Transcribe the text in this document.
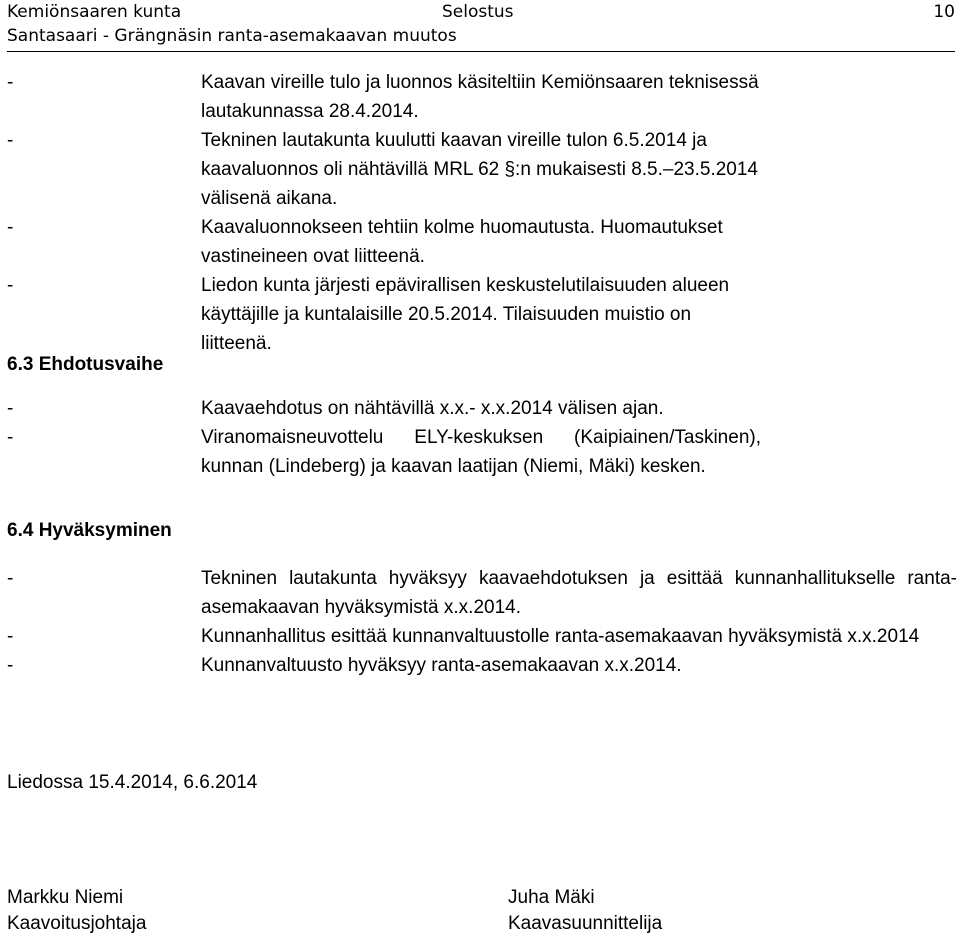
Kemiönsaaren kunta	Selostus	10
Santasaari - Grängnäsin ranta-asemakaavan muutos
-	Kaavan vireille tulo ja luonnos käsiteltiin Kemiönsaaren teknisessä lautakunnassa 28.4.2014.
-	Tekninen lautakunta kuulutti kaavan vireille tulon 6.5.2014 ja kaavaluonnos oli nähtävillä MRL 62 §:n mukaisesti 8.5.–23.5.2014 välisenä aikana.
-	Kaavaluonnokseen tehtiin kolme huomautusta. Huomautukset vastineineen ovat liitteenä.
-	Liedon kunta järjesti epävirallisen keskustelutilaisuuden alueen käyttäjille ja kuntalaisille 20.5.2014. Tilaisuuden muistio on liitteenä.
6.3 Ehdotusvaihe
-	Kaavaehdotus on nähtävillä x.x.- x.x.2014 välisen ajan.
-	Viranomaisneuvottelu ELY-keskuksen (Kaipiainen/Taskinen), kunnan (Lindeberg) ja kaavan laatijan (Niemi, Mäki) kesken.
6.4 Hyväksyminen
-	Tekninen lautakunta hyväksyy kaavaehdotuksen ja esittää kunnanhallitukselle ranta-asemakaavan hyväksymistä x.x.2014.
-	Kunnanhallitus esittää kunnanvaltuustolle ranta-asemakaavan hyväksymistä x.x.2014
-	Kunnanvaltuusto hyväksyy ranta-asemakaavan x.x.2014.
Liedossa 15.4.2014, 6.6.2014
Markku Niemi
Kaavoitusjohtaja
Juha Mäki
Kaavasuunnittelija
